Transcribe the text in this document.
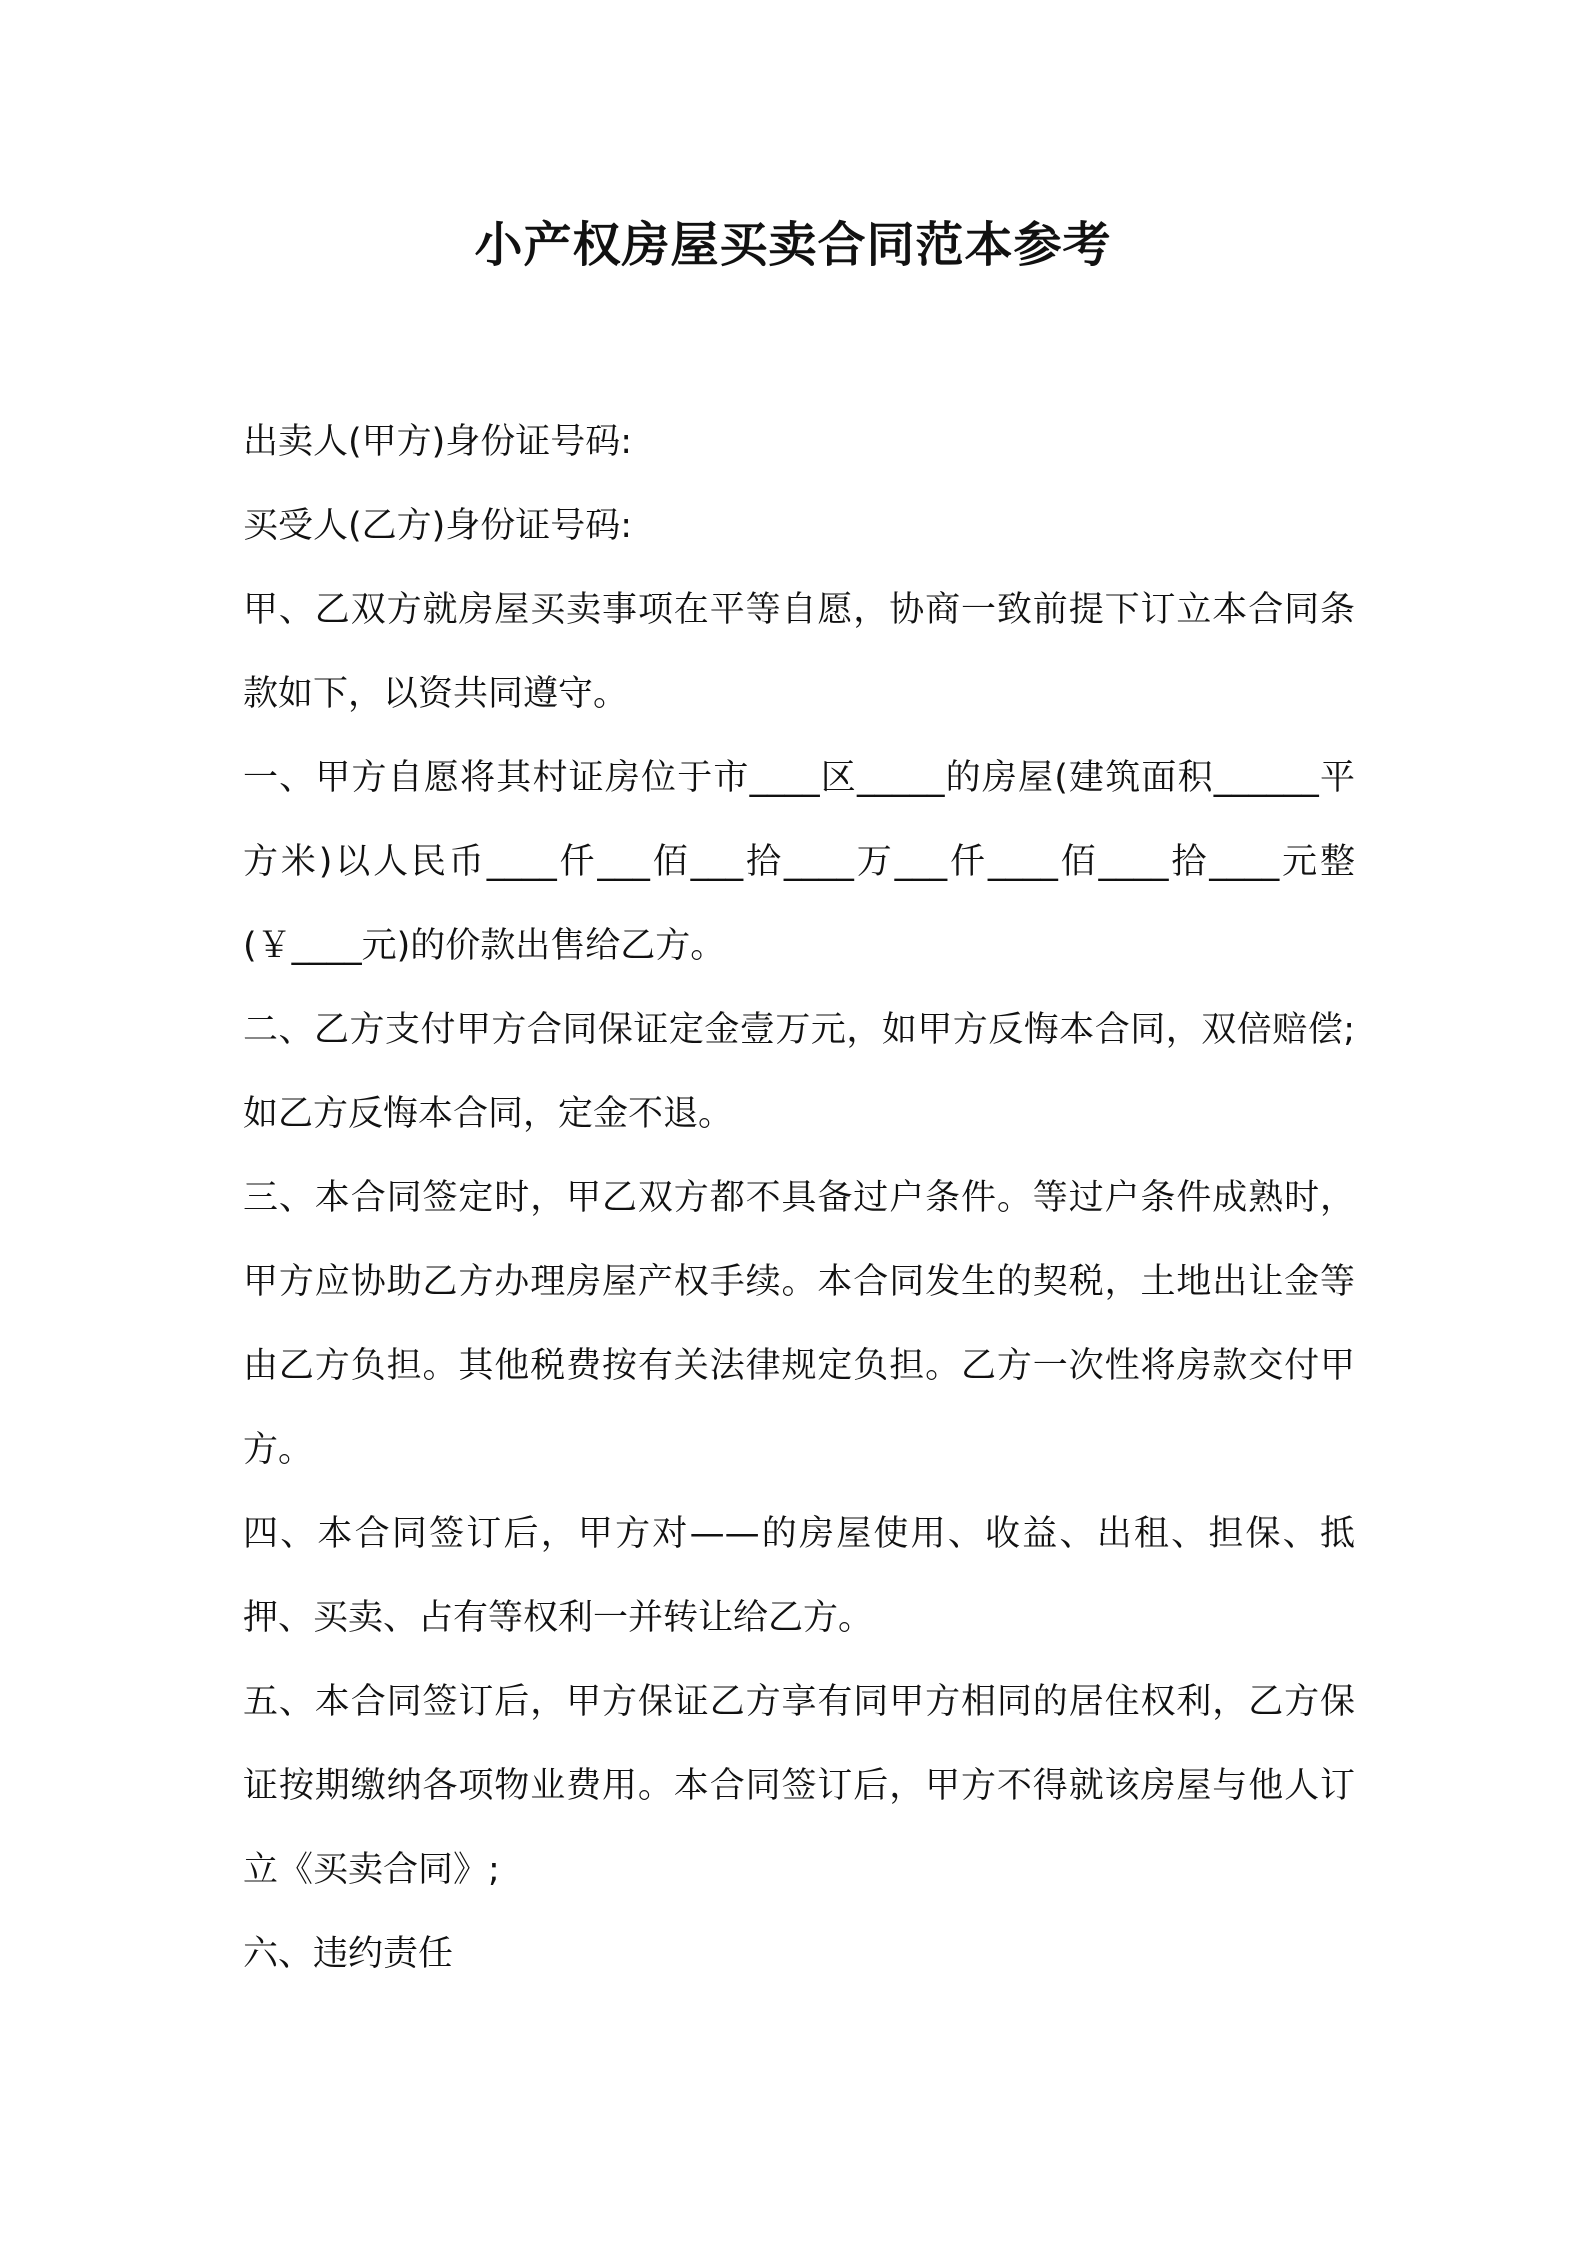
小产权房屋买卖合同范本参考

出卖人(甲方)身份证号码:

买受人(乙方)身份证号码:

甲、乙双方就房屋买卖事项在平等自愿，协商一致前提下订立本合同条款如下，以资共同遵守。

一、甲方自愿将其村证房位于市____区_____的房屋(建筑面积______平方米)以人民币____仟___佰___拾____万___仟____佰____拾____元整(￥____元)的价款出售给乙方。

二、乙方支付甲方合同保证定金壹万元，如甲方反悔本合同，双倍赔偿;如乙方反悔本合同，定金不退。

三、本合同签定时，甲乙双方都不具备过户条件。等过户条件成熟时，甲方应协助乙方办理房屋产权手续。本合同发生的契税，土地出让金等由乙方负担。其他税费按有关法律规定负担。乙方一次性将房款交付甲方。

四、本合同签订后，甲方对——的房屋使用、收益、出租、担保、抵押、买卖、占有等权利一并转让给乙方。

五、本合同签订后，甲方保证乙方享有同甲方相同的居住权利，乙方保证按期缴纳各项物业费用。本合同签订后，甲方不得就该房屋与他人订立《买卖合同》;

六、违约责任
